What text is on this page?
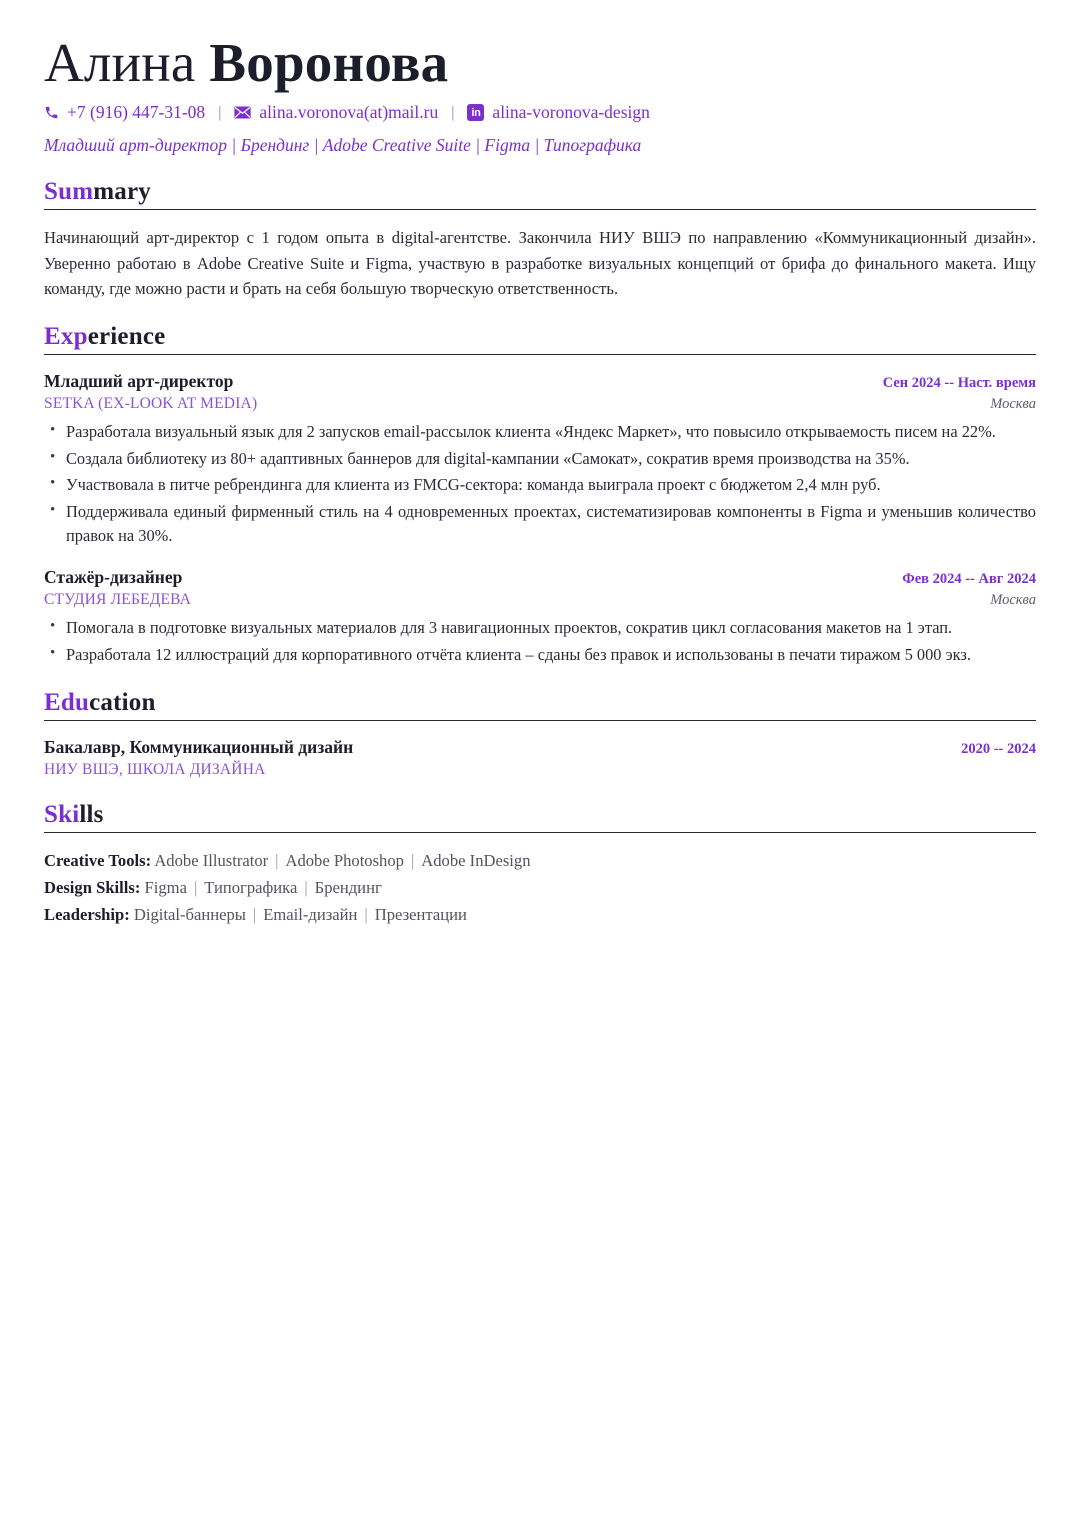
Алина Воронова
+7 (916) 447-31-08 |	alina.voronova(at)mail.ru |	in alina-voronova-design
Младший арт-директор | Брендинг | Adobe Creative Suite | Figma | Типографика
Summary

Начинающий арт-директор с 1 годом опыта в digital-агентстве. Закончила НИУ ВШЭ по направлению «Коммуникационный дизайн». Уверенно работаю в Adobe Creative Suite и Figma, участвую в разработке визуальных концепций от брифа до финального макета. Ищу команду, где можно расти и брать на себя большую творческую ответственность.

Experience
Младший арт-директор	Сен 2024 -- Наст. время
SETKA (EX-LOOK AT MEDIA)	Москва
• Разработала визуальный язык для 2 запусков email-рассылок клиента «Яндекс Маркет», что повысило открываемость писем на 22%.
• Создала библиотеку из 80+ адаптивных баннеров для digital-кампании «Самокат», сократив время производства на 35%.
• Участвовала в питче ребрендинга для клиента из FMCG-сектора: команда выиграла проект с бюджетом 2,4 млн руб.
• Поддерживала единый фирменный стиль на 4 одновременных проектах, систематизировав компоненты в Figma и уменьшив количество правок на 30%.
Стажёр-дизайнер	Фев 2024 -- Авг 2024
СТУДИЯ ЛЕБЕДЕВА	Москва
• Помогала в подготовке визуальных материалов для 3 навигационных проектов, сократив цикл согласования макетов на 1 этап.
• Разработала 12 иллюстраций для корпоративного отчёта клиента – сданы без правок и использованы в печати тиражом 5 000 экз.
Education
Бакалавр, Коммуникационный дизайн	2020 -- 2024
НИУ ВШЭ, ШКОЛА ДИЗАЙНА
Skills
Creative Tools: Adobe Illustrator | Adobe Photoshop | Adobe InDesign
Design Skills: Figma | Типографика | Брендинг
Leadership: Digital-баннеры | Email-дизайн | Презентации
